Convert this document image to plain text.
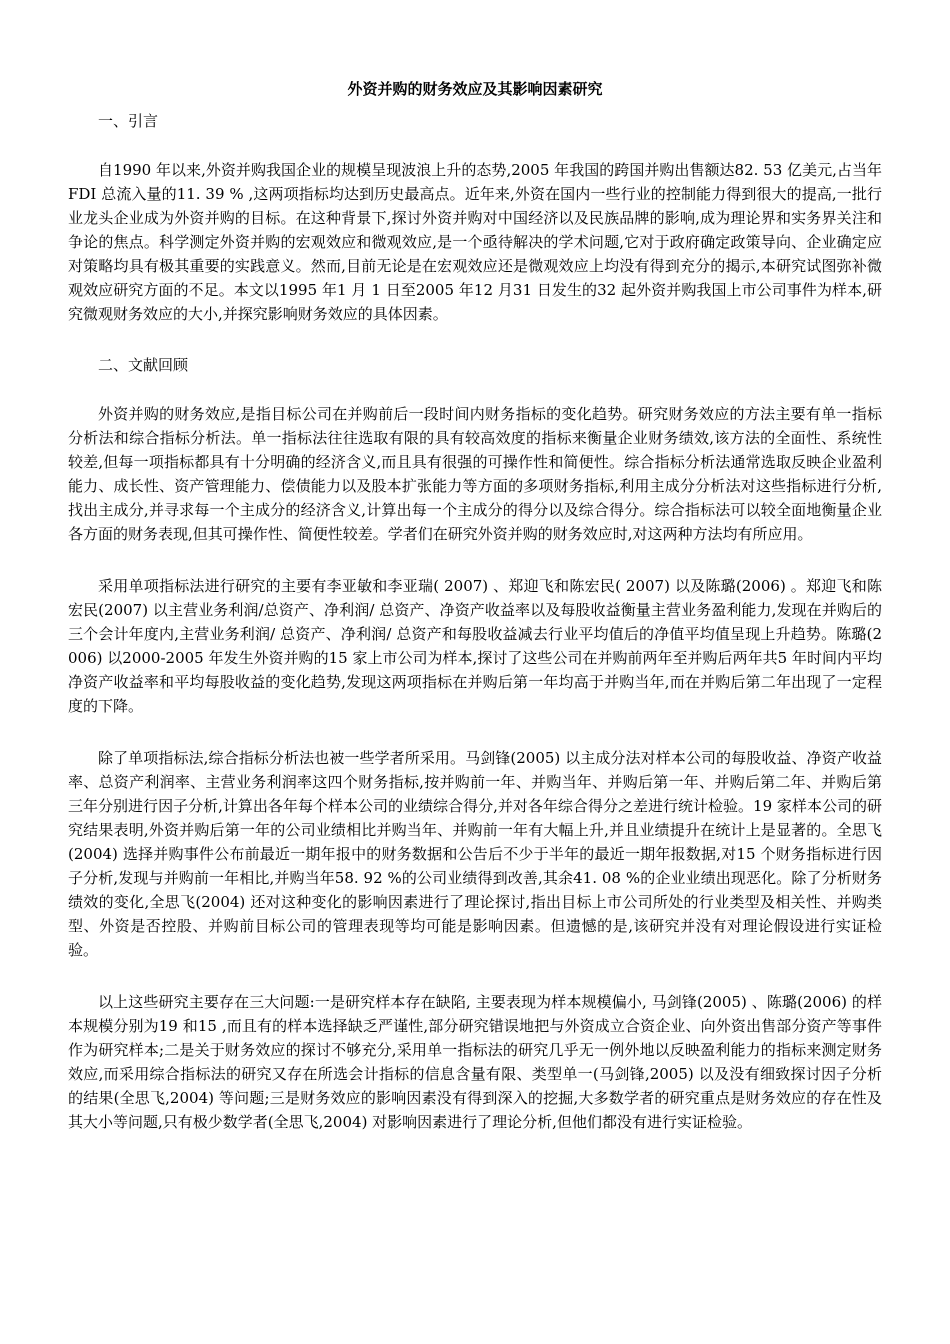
外资并购的财务效应及其影响因素研究
一、引言

自1990 年以来,外资并购我国企业的规模呈现波浪上升的态势,2005 年我国的跨国并购出售额达82. 53 亿美元,占当年FDI 总流入量的11. 39 % ,这两项指标均达到历史最高点。近年来,外资在国内一些行业的控制能力得到很大的提高,一批行业龙头企业成为外资并购的目标。在这种背景下,探讨外资并购对中国经济以及民族品牌的影响,成为理论界和实务界关注和争论的焦点。科学测定外资并购的宏观效应和微观效应,是一个亟待解决的学术问题,它对于政府确定政策导向、企业确定应对策略均具有极其重要的实践意义。然而,目前无论是在宏观效应还是微观效应上均没有得到充分的揭示,本研究试图弥补微观效应研究方面的不足。本文以1995 年1 月 1 日至2005 年12 月31 日发生的32 起外资并购我国上市公司事件为样本,研究微观财务效应的大小,并探究影响财务效应的具体因素。

二、文献回顾

外资并购的财务效应,是指目标公司在并购前后一段时间内财务指标的变化趋势。研究财务效应的方法主要有单一指标分析法和综合指标分析法。单一指标法往往选取有限的具有较高效度的指标来衡量企业财务绩效,该方法的全面性、系统性较差,但每一项指标都具有十分明确的经济含义,而且具有很强的可操作性和简便性。综合指标分析法通常选取反映企业盈利能力、成长性、资产管理能力、偿债能力以及股本扩张能力等方面的多项财务指标,利用主成分分析法对这些指标进行分析,找出主成分,并寻求每一个主成分的经济含义,计算出每一个主成分的得分以及综合得分。综合指标法可以较全面地衡量企业各方面的财务表现,但其可操作性、简便性较差。学者们在研究外资并购的财务效应时,对这两种方法均有所应用。

采用单项指标法进行研究的主要有李亚敏和李亚瑞( 2007) 、郑迎飞和陈宏民( 2007) 以及陈璐(2006) 。郑迎飞和陈宏民(2007) 以主营业务利润/总资产、净利润/ 总资产、净资产收益率以及每股收益衡量主营业务盈利能力,发现在并购后的三个会计年度内,主营业务利润/ 总资产、净利润/ 总资产和每股收益减去行业平均值后的净值平均值呈现上升趋势。陈璐(2006) 以2000-2005 年发生外资并购的15 家上市公司为样本,探讨了这些公司在并购前两年至并购后两年共5 年时间内平均净资产收益率和平均每股收益的变化趋势,发现这两项指标在并购后第一年均高于并购当年,而在并购后第二年出现了一定程度的下降。

除了单项指标法,综合指标分析法也被一些学者所采用。马剑锋(2005) 以主成分法对样本公司的每股收益、净资产收益率、总资产利润率、主营业务利润率这四个财务指标,按并购前一年、并购当年、并购后第一年、并购后第二年、并购后第三年分别进行因子分析,计算出各年每个样本公司的业绩综合得分,并对各年综合得分之差进行统计检验。19 家样本公司的研究结果表明,外资并购后第一年的公司业绩相比并购当年、并购前一年有大幅上升,并且业绩提升在统计上是显著的。全思飞(2004) 选择并购事件公布前最近一期年报中的财务数据和公告后不少于半年的最近一期年报数据,对15 个财务指标进行因子分析,发现与并购前一年相比,并购当年58. 92 %的公司业绩得到改善,其余41. 08 %的企业业绩出现恶化。除了分析财务绩效的变化,全思飞(2004) 还对这种变化的影响因素进行了理论探讨,指出目标上市公司所处的行业类型及相关性、并购类型、外资是否控股、并购前目标公司的管理表现等均可能是影响因素。但遗憾的是,该研究并没有对理论假设进行实证检验。

以上这些研究主要存在三大问题:一是研究样本存在缺陷, 主要表现为样本规模偏小, 马剑锋(2005) 、陈璐(2006) 的样本规模分别为19 和15 ,而且有的样本选择缺乏严谨性,部分研究错误地把与外资成立合资企业、向外资出售部分资产等事件作为研究样本;二是关于财务效应的探讨不够充分,采用单一指标法的研究几乎无一例外地以反映盈利能力的指标来测定财务效应,而采用综合指标法的研究又存在所选会计指标的信息含量有限、类型单一(马剑锋,2005) 以及没有细致探讨因子分析的结果(全思飞,2004) 等问题;三是财务效应的影响因素没有得到深入的挖掘,大多数学者的研究重点是财务效应的存在性及其大小等问题,只有极少数学者(全思飞,2004) 对影响因素进行了理论分析,但他们都没有进行实证检验。
